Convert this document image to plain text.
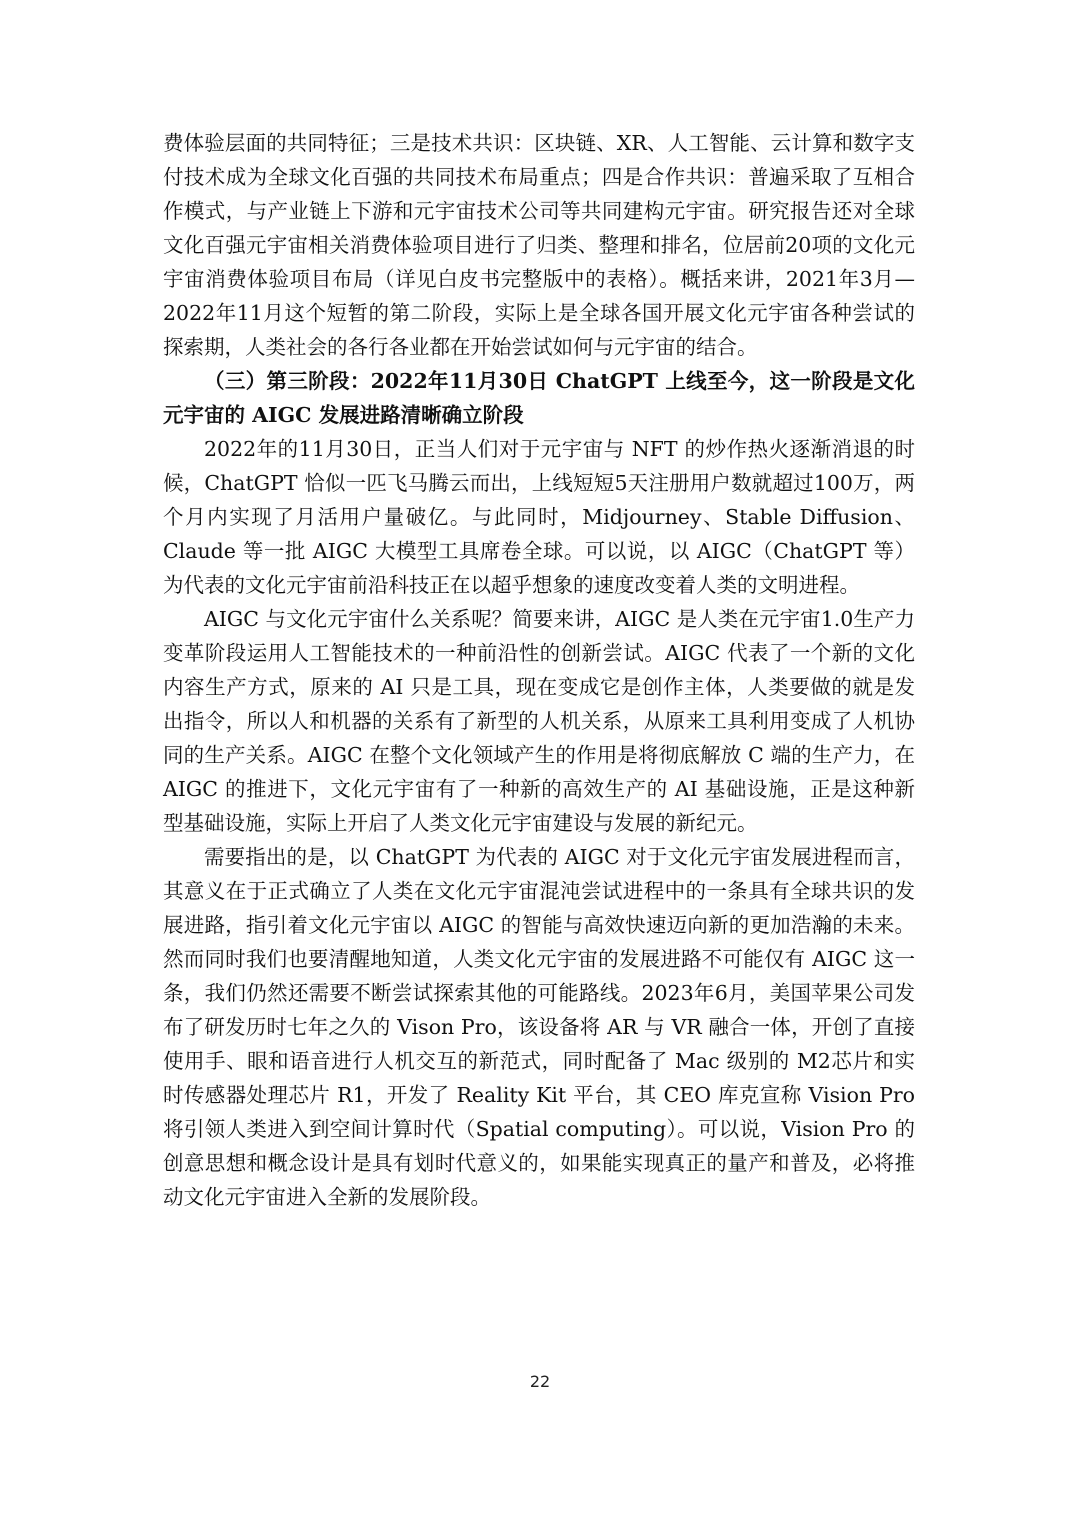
费体验层面的共同特征；三是技术共识：区块链、XR、人工智能、云计算和数字支付技术成为全球文化百强的共同技术布局重点；四是合作共识：普遍采取了互相合作模式，与产业链上下游和元宇宙技术公司等共同建构元宇宙。研究报告还对全球文化百强元宇宙相关消费体验项目进行了归类、整理和排名，位居前20项的文化元宇宙消费体验项目布局（详见白皮书完整版中的表格）。概括来讲，2021年3月—2022年11月这个短暂的第二阶段，实际上是全球各国开展文化元宇宙各种尝试的探索期，人类社会的各行各业都在开始尝试如何与元宇宙的结合。

（三）第三阶段：2022年11月30日 ChatGPT 上线至今，这一阶段是文化元宇宙的 AIGC 发展进路清晰确立阶段

2022年的11月30日，正当人们对于元宇宙与 NFT 的炒作热火逐渐消退的时候，ChatGPT 恰似一匹飞马腾云而出，上线短短5天注册用户数就超过100万，两个月内实现了月活用户量破亿。与此同时，Midjourney、Stable Diffusion、Claude 等一批 AIGC 大模型工具席卷全球。可以说，以 AIGC（ChatGPT 等）为代表的文化元宇宙前沿科技正在以超乎想象的速度改变着人类的文明进程。

AIGC 与文化元宇宙什么关系呢？简要来讲，AIGC 是人类在元宇宙1.0生产力变革阶段运用人工智能技术的一种前沿性的创新尝试。AIGC 代表了一个新的文化内容生产方式，原来的 AI 只是工具，现在变成它是创作主体，人类要做的就是发出指令，所以人和机器的关系有了新型的人机关系，从原来工具利用变成了人机协同的生产关系。AIGC 在整个文化领域产生的作用是将彻底解放 C 端的生产力，在 AIGC 的推进下，文化元宇宙有了一种新的高效生产的 AI 基础设施，正是这种新型基础设施，实际上开启了人类文化元宇宙建设与发展的新纪元。

需要指出的是，以 ChatGPT 为代表的 AIGC 对于文化元宇宙发展进程而言，其意义在于正式确立了人类在文化元宇宙混沌尝试进程中的一条具有全球共识的发展进路，指引着文化元宇宙以 AIGC 的智能与高效快速迈向新的更加浩瀚的未来。然而同时我们也要清醒地知道，人类文化元宇宙的发展进路不可能仅有 AIGC 这一条，我们仍然还需要不断尝试探索其他的可能路线。2023年6月，美国苹果公司发布了研发历时七年之久的 Vison Pro，该设备将 AR 与 VR 融合一体，开创了直接使用手、眼和语音进行人机交互的新范式，同时配备了 Mac 级别的 M2芯片和实时传感器处理芯片 R1，开发了 Reality Kit 平台，其 CEO 库克宣称 Vision Pro 将引领人类进入到空间计算时代（Spatial computing）。可以说，Vision Pro 的创意思想和概念设计是具有划时代意义的，如果能实现真正的量产和普及，必将推动文化元宇宙进入全新的发展阶段。

22
